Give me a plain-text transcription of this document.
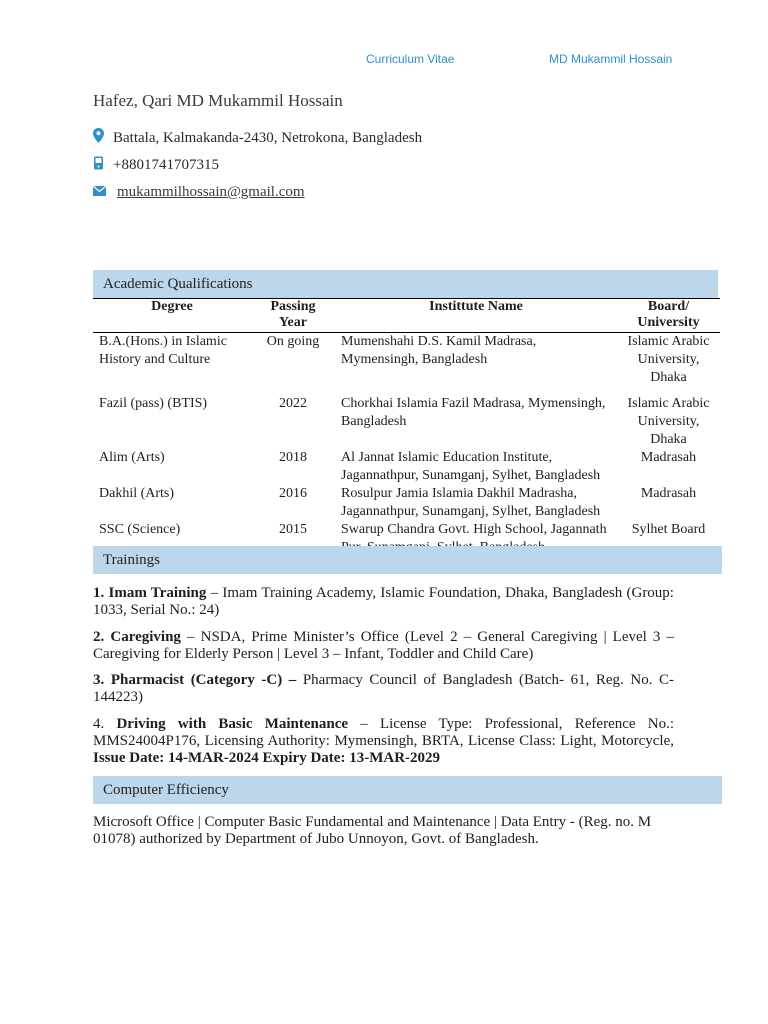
Curriculum Vitae	MD Mukammil Hossain
Hafez, Qari MD Mukammil Hossain
Battala, Kalmakanda-2430, Netrokona, Bangladesh
+8801741707315
mukammilhossain@gmail.com
Academic Qualifications
Degree	Passing Year	Instittute Name	Board/ University
B.A.(Hons.) in Islamic History and Culture	On going	Mumenshahi D.S. Kamil Madrasa, Mymensingh, Bangladesh	Islamic Arabic University, Dhaka
Fazil (pass) (BTIS)	2022	Chorkhai Islamia Fazil Madrasa, Mymensingh, Bangladesh	Islamic Arabic University, Dhaka
Alim (Arts)	2018	Al Jannat Islamic Education Institute, Jagannathpur, Sunamganj, Sylhet, Bangladesh	Madrasah
Dakhil (Arts)	2016	Rosulpur Jamia Islamia Dakhil Madrasha, Jagannathpur, Sunamganj, Sylhet, Bangladesh	Madrasah
SSC (Science)	2015	Swarup Chandra Govt. High School, Jagannath	Sylhet Board
Trainings
1. Imam Training – Imam Training Academy, Islamic Foundation, Dhaka, Bangladesh (Group: 1033, Serial No.: 24)
2. Caregiving – NSDA, Prime Minister’s Office (Level 2 – General Caregiving | Level 3 – Caregiving for Elderly Person | Level 3 – Infant, Toddler and Child Care)
3. Pharmacist (Category -C) – Pharmacy Council of Bangladesh (Batch- 61, Reg. No. C-144223)
4. Driving with Basic Maintenance – License Type: Professional, Reference No.: MMS24004P176, Licensing Authority: Mymensingh, BRTA, License Class: Light, Motorcycle, Issue Date: 14-MAR-2024 Expiry Date: 13-MAR-2029
Computer Efficiency
Microsoft Office | Computer Basic Fundamental and Maintenance | Data Entry - (Reg. no. M 01078) authorized by Department of Jubo Unnoyon, Govt. of Bangladesh.
